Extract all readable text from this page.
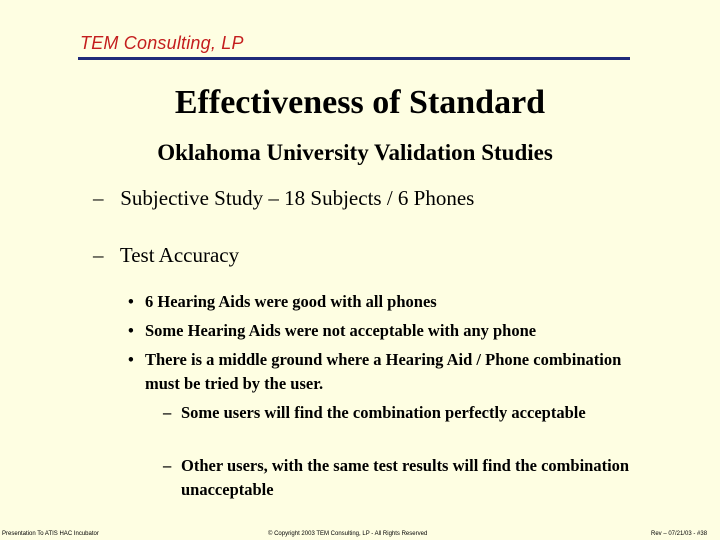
TEM Consulting, LP
Effectiveness of Standard
Oklahoma University Validation Studies
– Subjective Study – 18 Subjects / 6 Phones
– Test Accuracy
• 6 Hearing Aids were good with all phones
• Some Hearing Aids were not acceptable with any phone
• There is a middle ground where a Hearing Aid / Phone combination must be tried by the user.
– Some users will find the combination perfectly acceptable
– Other users, with the same test results will find the combination unacceptable
Presentation To ATIS HAC Incubator	© Copyright 2003 TEM Consulting, LP - All Rights Reserved	Rev – 07/21/03 - #38
